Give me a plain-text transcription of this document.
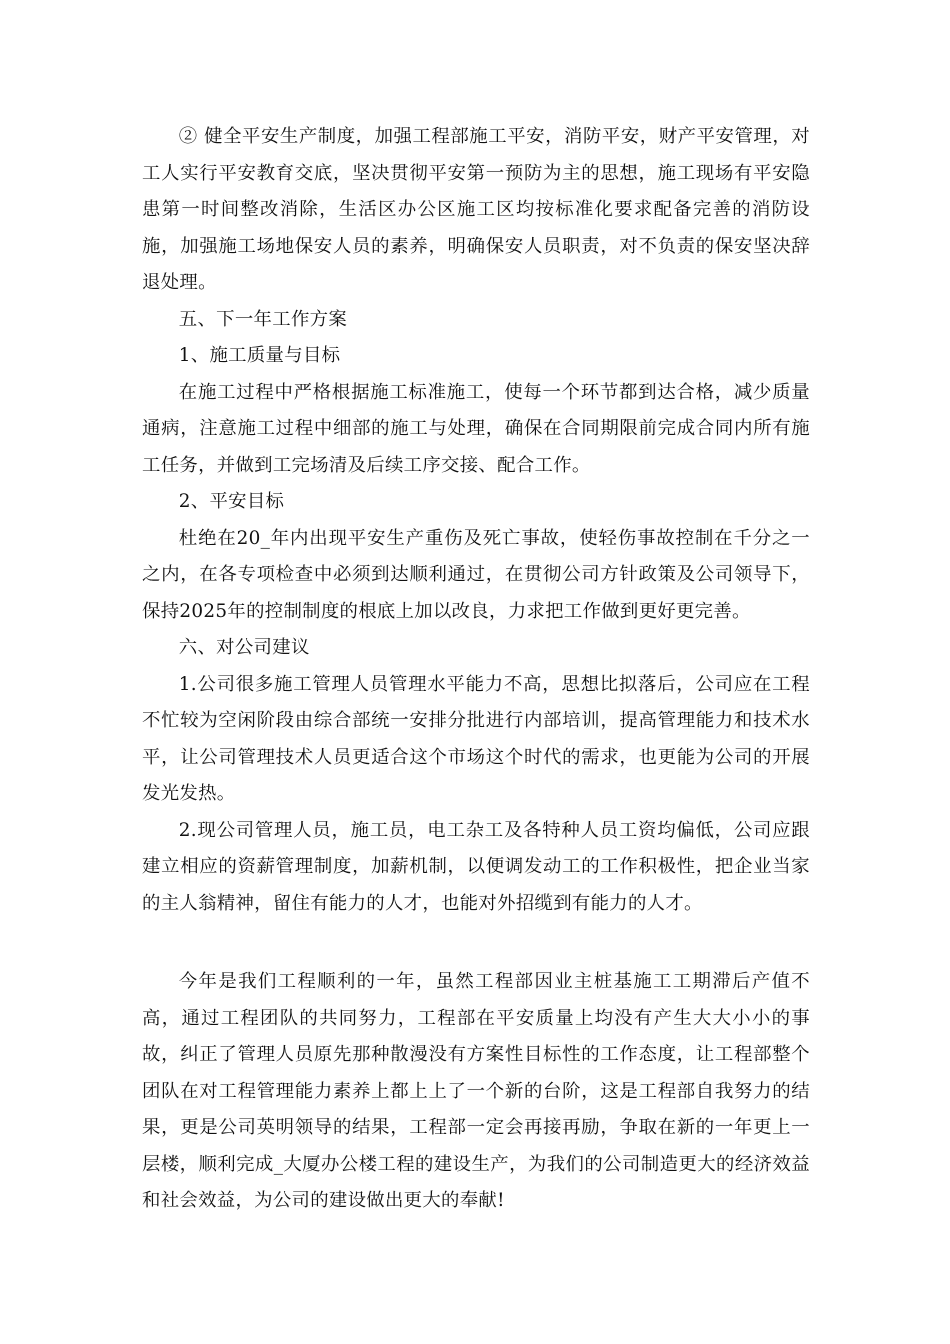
② 健全平安生产制度，加强工程部施工平安，消防平安，财产平安管理，对工人实行平安教育交底，坚决贯彻平安第一预防为主的思想，施工现场有平安隐患第一时间整改消除，生活区办公区施工区均按标准化要求配备完善的消防设施，加强施工场地保安人员的素养，明确保安人员职责，对不负责的保安坚决辞退处理。

五、下一年工作方案

1、施工质量与目标

在施工过程中严格根据施工标准施工，使每一个环节都到达合格，减少质量通病，注意施工过程中细部的施工与处理，确保在合同期限前完成合同内所有施工任务，并做到工完场清及后续工序交接、配合工作。

2、平安目标

杜绝在20_年内出现平安生产重伤及死亡事故，使轻伤事故控制在千分之一之内，在各专项检查中必须到达顺利通过，在贯彻公司方针政策及公司领导下，保持2025年的控制制度的根底上加以改良，力求把工作做到更好更完善。

六、对公司建议

1.公司很多施工管理人员管理水平能力不高，思想比拟落后，公司应在工程不忙较为空闲阶段由综合部统一安排分批进行内部培训，提高管理能力和技术水平，让公司管理技术人员更适合这个市场这个时代的需求，也更能为公司的开展发光发热。

2.现公司管理人员，施工员，电工杂工及各特种人员工资均偏低，公司应跟建立相应的资薪管理制度，加薪机制，以便调发动工的工作积极性，把企业当家的主人翁精神，留住有能力的人才，也能对外招缆到有能力的人才。

今年是我们工程顺利的一年，虽然工程部因业主桩基施工工期滞后产值不高，通过工程团队的共同努力，工程部在平安质量上均没有产生大大小小的事故，纠正了管理人员原先那种散漫没有方案性目标性的工作态度，让工程部整个团队在对工程管理能力素养上都上上了一个新的台阶，这是工程部自我努力的结果，更是公司英明领导的结果，工程部一定会再接再励，争取在新的一年更上一层楼，顺利完成_大厦办公楼工程的建设生产，为我们的公司制造更大的经济效益和社会效益，为公司的建设做出更大的奉献!
